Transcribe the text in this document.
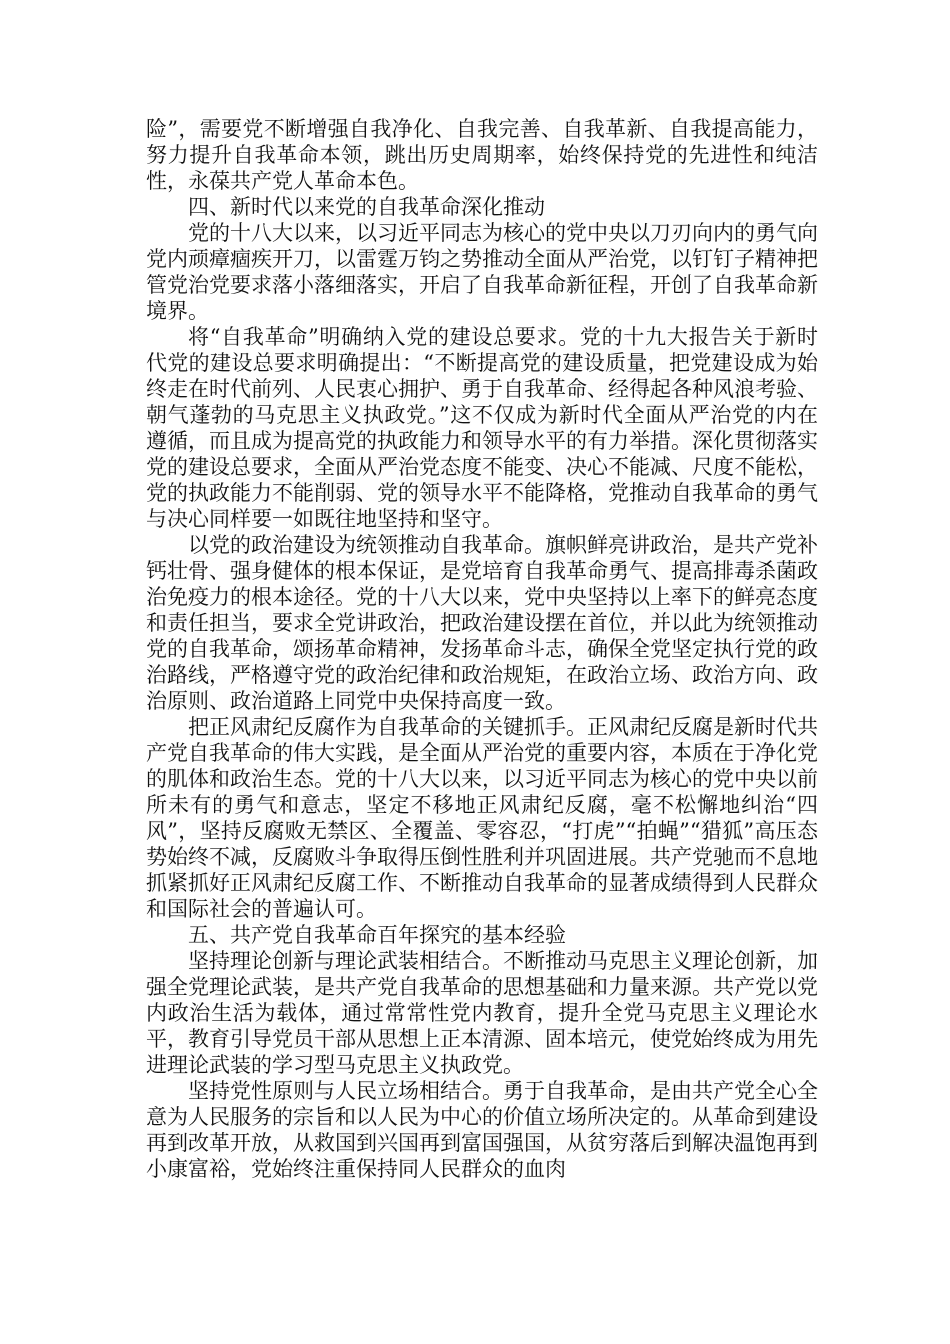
险”，需要党不断增强自我净化、自我完善、自我革新、自我提高能力，努力提升自我革命本领，跳出历史周期率，始终保持党的先进性和纯洁性，永葆共产党人革命本色。

四、新时代以来党的自我革命深化推动

党的十八大以来，以习近平同志为核心的党中央以刀刃向内的勇气向党内顽瘴痼疾开刀，以雷霆万钧之势推动全面从严治党，以钉钉子精神把管党治党要求落小落细落实，开启了自我革命新征程，开创了自我革命新境界。

将“自我革命”明确纳入党的建设总要求。党的十九大报告关于新时代党的建设总要求明确提出：“不断提高党的建设质量，把党建设成为始终走在时代前列、人民衷心拥护、勇于自我革命、经得起各种风浪考验、朝气蓬勃的马克思主义执政党。”这不仅成为新时代全面从严治党的内在遵循，而且成为提高党的执政能力和领导水平的有力举措。深化贯彻落实党的建设总要求，全面从严治党态度不能变、决心不能减、尺度不能松，党的执政能力不能削弱、党的领导水平不能降格，党推动自我革命的勇气与决心同样要一如既往地坚持和坚守。

以党的政治建设为统领推动自我革命。旗帜鲜亮讲政治，是共产党补钙壮骨、强身健体的根本保证，是党培育自我革命勇气、提高排毒杀菌政治免疫力的根本途径。党的十八大以来，党中央坚持以上率下的鲜亮态度和责任担当，要求全党讲政治，把政治建设摆在首位，并以此为统领推动党的自我革命，颂扬革命精神，发扬革命斗志，确保全党坚定执行党的政治路线，严格遵守党的政治纪律和政治规矩，在政治立场、政治方向、政治原则、政治道路上同党中央保持高度一致。

把正风肃纪反腐作为自我革命的关键抓手。正风肃纪反腐是新时代共产党自我革命的伟大实践，是全面从严治党的重要内容，本质在于净化党的肌体和政治生态。党的十八大以来，以习近平同志为核心的党中央以前所未有的勇气和意志，坚定不移地正风肃纪反腐，毫不松懈地纠治“四风”，坚持反腐败无禁区、全覆盖、零容忍，“打虎”“拍蝇”“猎狐”高压态势始终不减，反腐败斗争取得压倒性胜利并巩固进展。共产党驰而不息地抓紧抓好正风肃纪反腐工作、不断推动自我革命的显著成绩得到人民群众和国际社会的普遍认可。

五、共产党自我革命百年探究的基本经验

坚持理论创新与理论武装相结合。不断推动马克思主义理论创新，加强全党理论武装，是共产党自我革命的思想基础和力量来源。共产党以党内政治生活为载体，通过常常性党内教育，提升全党马克思主义理论水平，教育引导党员干部从思想上正本清源、固本培元，使党始终成为用先进理论武装的学习型马克思主义执政党。

坚持党性原则与人民立场相结合。勇于自我革命，是由共产党全心全意为人民服务的宗旨和以人民为中心的价值立场所决定的。从革命到建设再到改革开放，从救国到兴国再到富国强国，从贫穷落后到解决温饱再到小康富裕，党始终注重保持同人民群众的血肉
